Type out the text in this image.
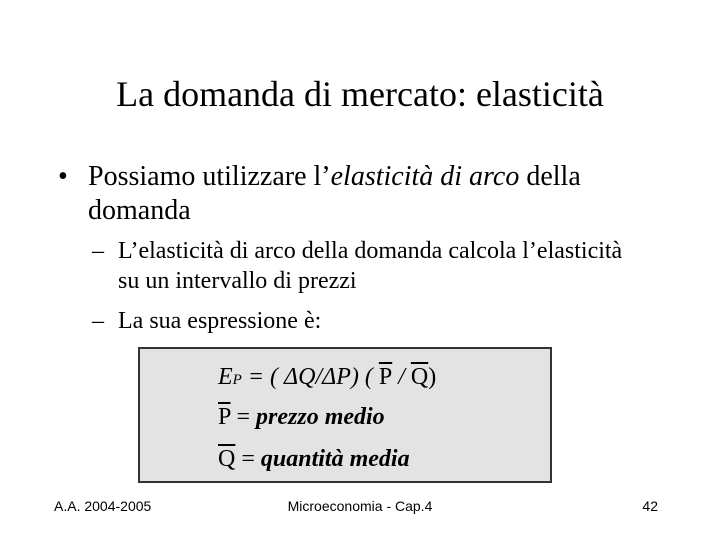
La domanda di mercato: elasticità
• Possiamo utilizzare l’elasticità di arco della domanda
– L’elasticità di arco della domanda calcola l’elasticità su un intervallo di prezzi
– La sua espressione è:
EP = ( ΔQ/ΔP) ( $\overline{P} / \overline{Q}$)
$\overline{P}$ = prezzo medio
$\overline{Q}$ = quantità media
A.A. 2004-2005	Microeconomia - Cap.4	42
